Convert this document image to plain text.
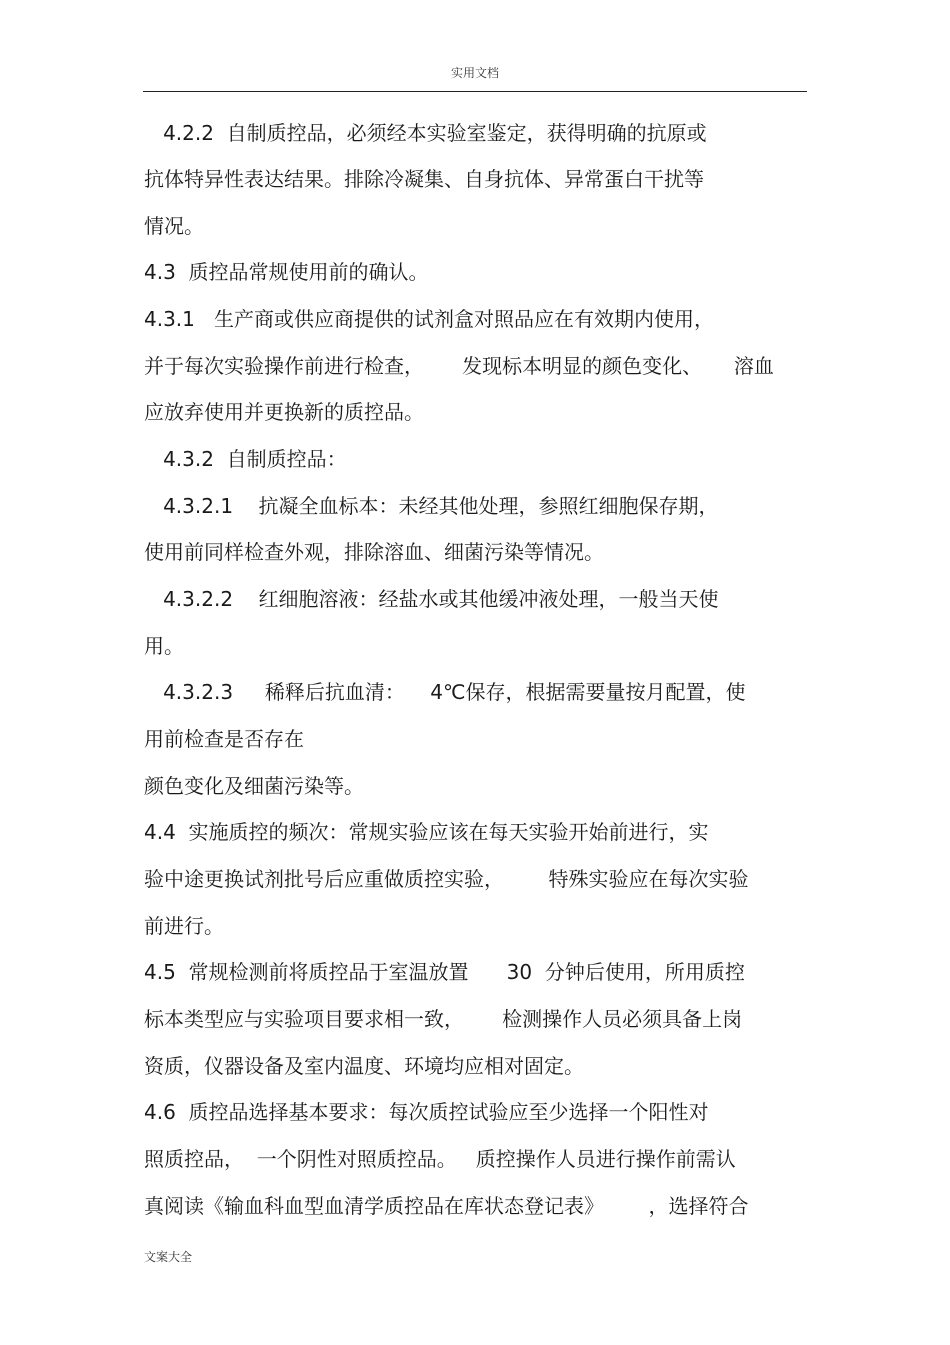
实用文档
4.2.2  自制质控品，必须经本实验室鉴定，获得明确的抗原或
抗体特异性表达结果。排除冷凝集、自身抗体、异常蛋白干扰等
情况。
4.3  质控品常规使用前的确认。
4.3.1   生产商或供应商提供的试剂盒对照品应在有效期内使用，
并于每次实验操作前进行检查，      发现标本明显的颜色变化、     溶血
应放弃使用并更换新的质控品。
4.3.2  自制质控品：
4.3.2.1    抗凝全血标本：未经其他处理，参照红细胞保存期，
使用前同样检查外观，排除溶血、细菌污染等情况。
4.3.2.2    红细胞溶液：经盐水或其他缓冲液处理，一般当天使
用。
4.3.2.3     稀释后抗血清：    4℃保存，根据需要量按月配置，使
用前检查是否存在
颜色变化及细菌污染等。
4.4  实施质控的频次：常规实验应该在每天实验开始前进行，实
验中途更换试剂批号后应重做质控实验，       特殊实验应在每次实验
前进行。
4.5  常规检测前将质控品于室温放置      30  分钟后使用，所用质控
标本类型应与实验项目要求相一致，      检测操作人员必须具备上岗
资质，仪器设备及室内温度、环境均应相对固定。
4.6  质控品选择基本要求：每次质控试验应至少选择一个阳性对
照质控品，  一个阴性对照质控品。   质控操作人员进行操作前需认
真阅读《输血科血型血清学质控品在库状态登记表》       ，选择符合
文案大全
